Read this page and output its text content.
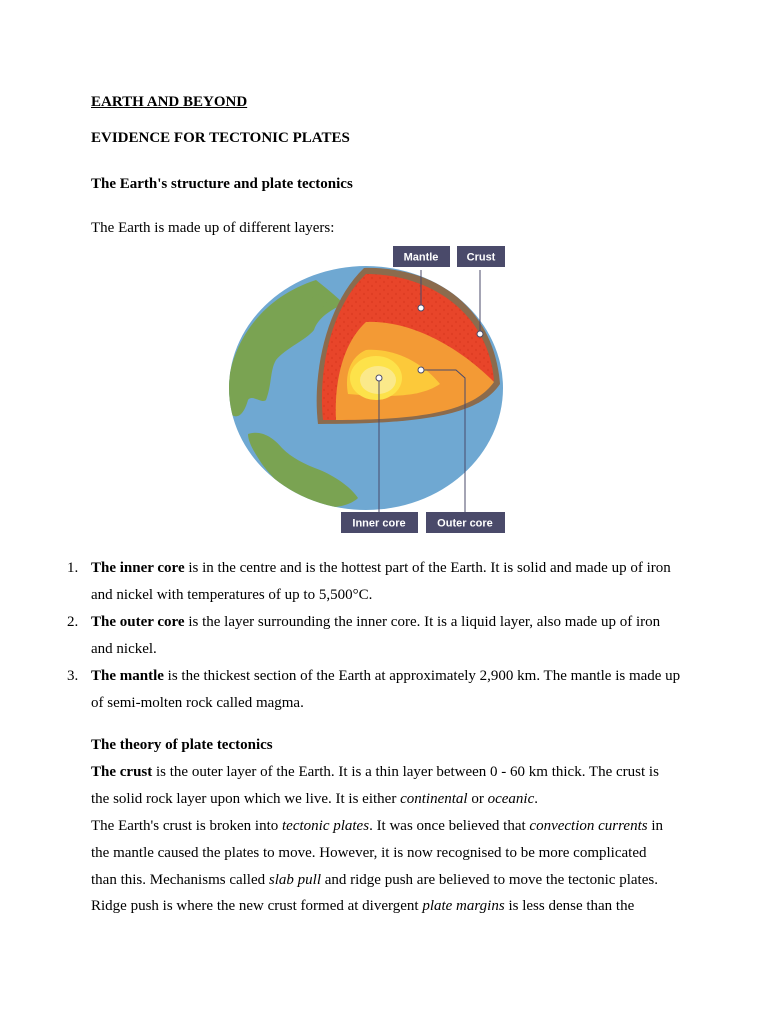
EARTH AND BEYOND
EVIDENCE FOR TECTONIC PLATES
The Earth's structure and plate tectonics

The Earth is made up of different layers:

Mantle	Crust
Inner core	Outer core
1. The inner core is in the centre and is the hottest part of the Earth. It is solid and made up of iron and nickel with temperatures of up to 5,500°C.
2. The outer core is the layer surrounding the inner core. It is a liquid layer, also made up of iron and nickel.
3. The mantle is the thickest section of the Earth at approximately 2,900 km. The mantle is made up of semi-molten rock called magma.
The theory of plate tectonics

The crust is the outer layer of the Earth. It is a thin layer between 0 - 60 km thick. The crust is the solid rock layer upon which we live. It is either continental or oceanic.

The Earth's crust is broken into tectonic plates. It was once believed that convection currents in the mantle caused the plates to move. However, it is now recognised to be more complicated than this. Mechanisms called slab pull and ridge push are believed to move the tectonic plates. Ridge push is where the new crust formed at divergent plate margins is less dense than the
